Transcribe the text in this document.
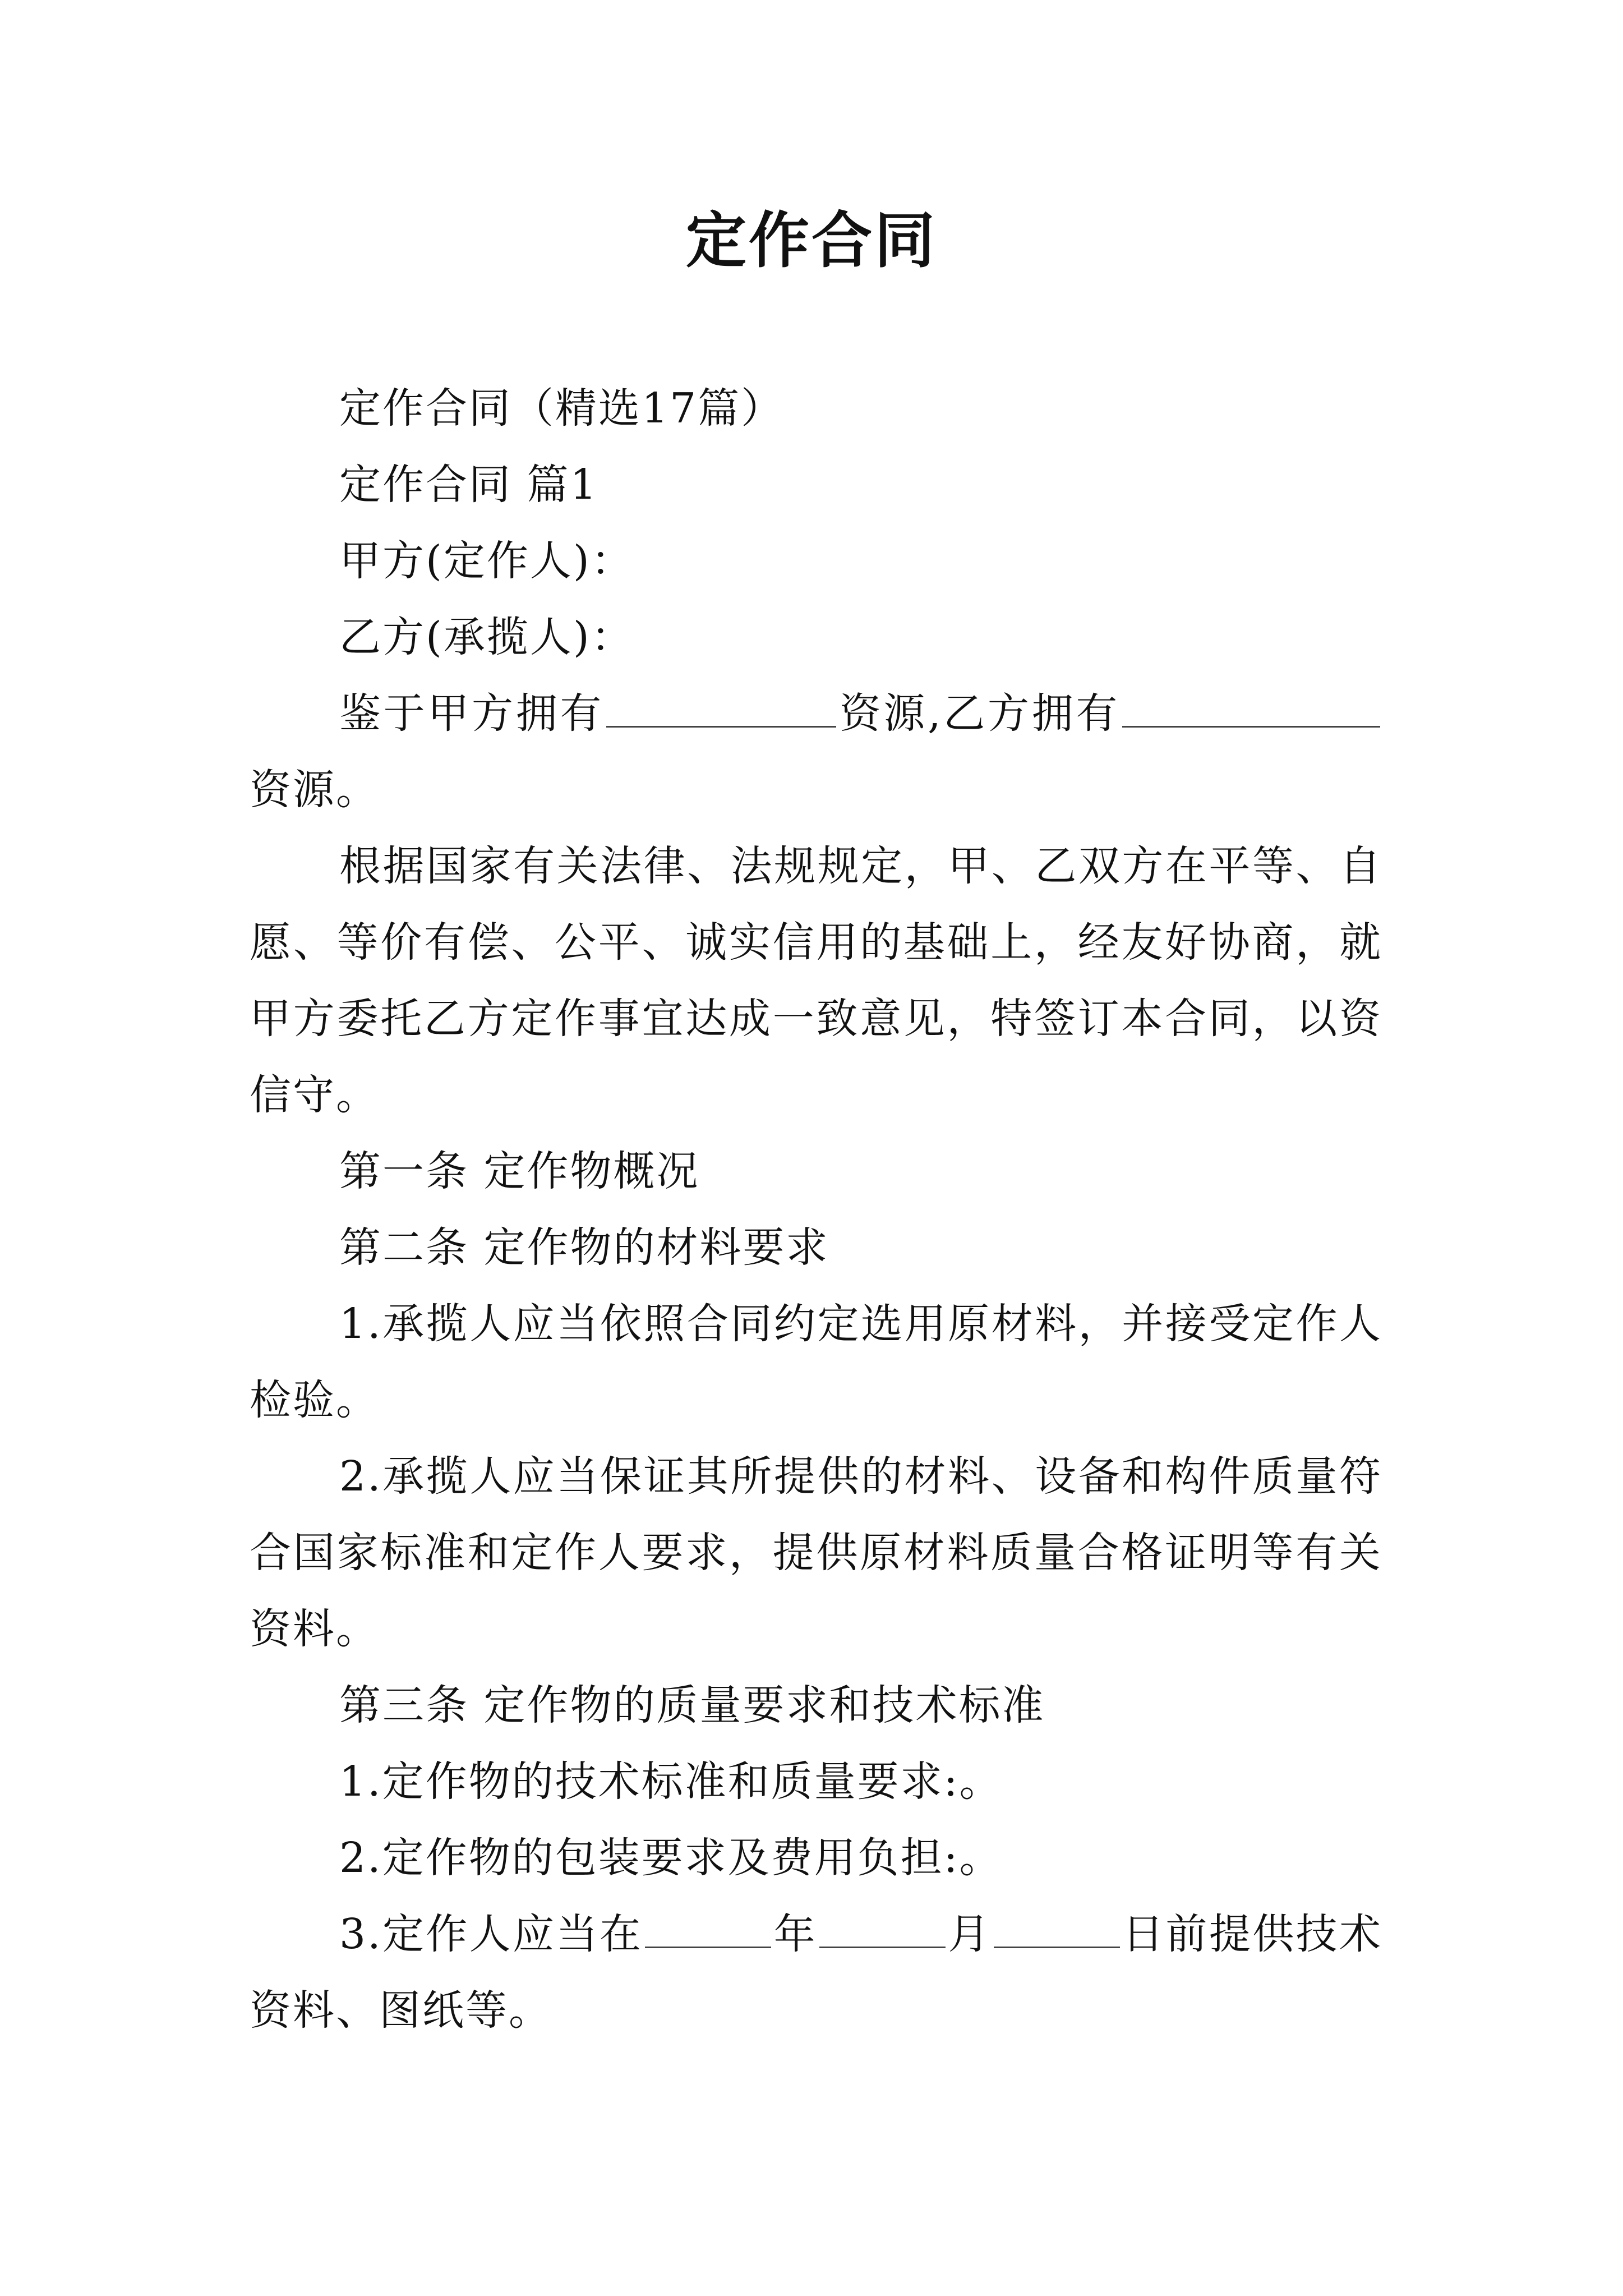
定作合同

定作合同（精选17篇）

定作合同 篇1

甲方(定作人)：

乙方(承揽人)：

鉴于甲方拥有	资源,乙方拥有资源。

根据国家有关法律、法规规定，甲、乙双方在平等、自愿、等价有偿、公平、诚实信用的基础上，经友好协商，就甲方委托乙方定作事宜达成一致意见，特签订本合同，以资信守。

第一条 定作物概况

第二条 定作物的材料要求

1.承揽人应当依照合同约定选用原材料，并接受定作人检验。

2.承揽人应当保证其所提供的材料、设备和构件质量符合国家标准和定作人要求，提供原材料质量合格证明等有关资料。

第三条 定作物的质量要求和技术标准

1.定作物的技术标准和质量要求:。

2.定作物的包装要求及费用负担:。

3.定作人应当在	年	月	日前提供技术资料、图纸等。
